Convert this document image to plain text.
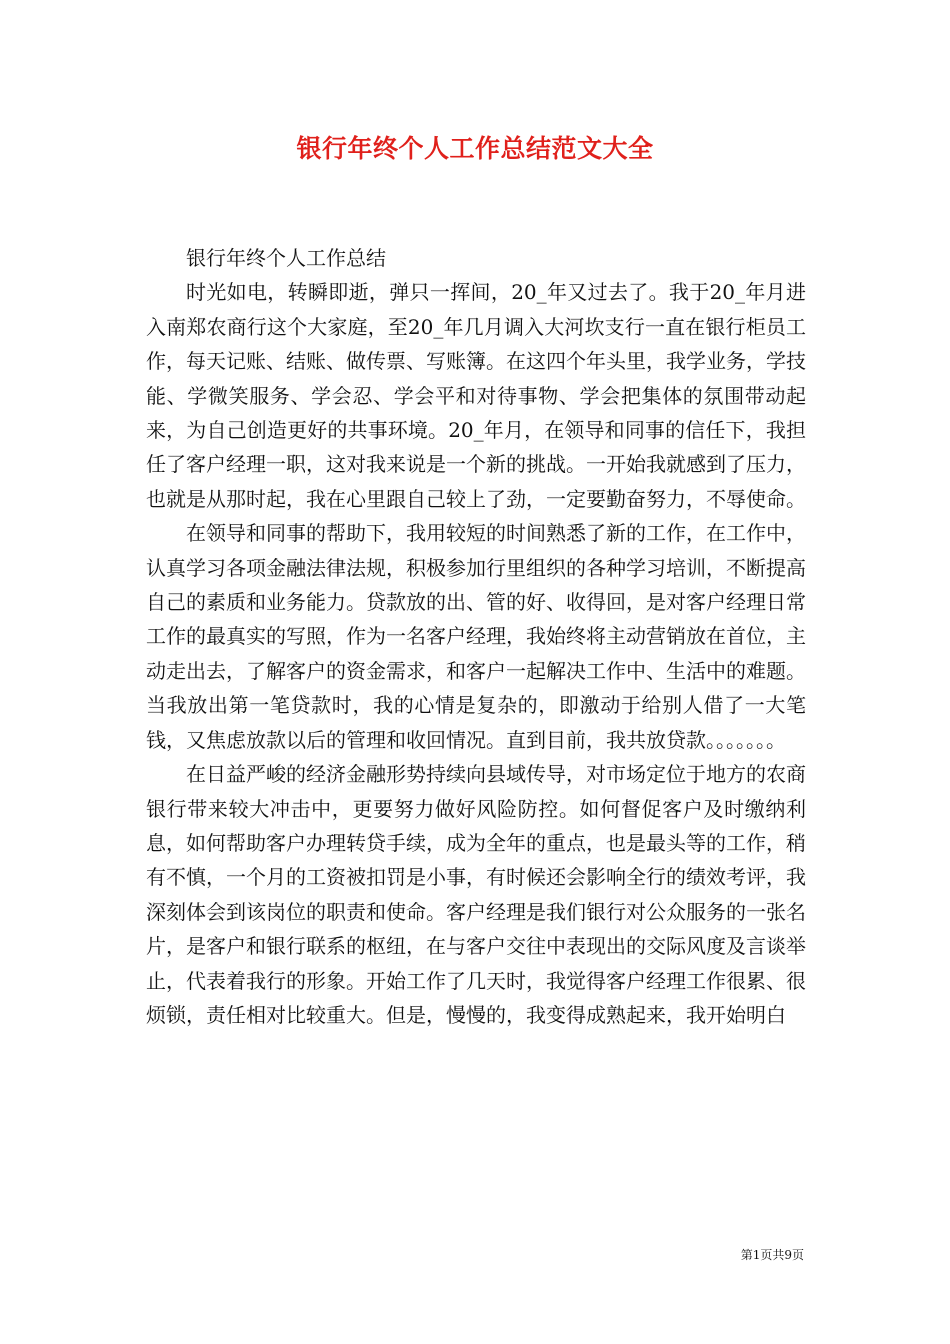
银行年终个人工作总结范文大全

银行年终个人工作总结

时光如电，转瞬即逝，弹只一挥间，20_年又过去了。我于20_年月进入南郑农商行这个大家庭，至20_年几月调入大河坎支行一直在银行柜员工作，每天记账、结账、做传票、写账簿。在这四个年头里，我学业务，学技能、学微笑服务、学会忍、学会平和对待事物、学会把集体的氛围带动起来，为自己创造更好的共事环境。20_年月，在领导和同事的信任下，我担任了客户经理一职，这对我来说是一个新的挑战。一开始我就感到了压力，也就是从那时起，我在心里跟自己较上了劲，一定要勤奋努力，不辱使命。

在领导和同事的帮助下，我用较短的时间熟悉了新的工作，在工作中，认真学习各项金融法律法规，积极参加行里组织的各种学习培训，不断提高自己的素质和业务能力。贷款放的出、管的好、收得回，是对客户经理日常工作的最真实的写照，作为一名客户经理，我始终将主动营销放在首位，主动走出去，了解客户的资金需求，和客户一起解决工作中、生活中的难题。当我放出第一笔贷款时，我的心情是复杂的，即激动于给别人借了一大笔钱，又焦虑放款以后的管理和收回情况。直到目前，我共放贷款。。。。。。。

在日益严峻的经济金融形势持续向县域传导，对市场定位于地方的农商银行带来较大冲击中，更要努力做好风险防控。如何督促客户及时缴纳利息，如何帮助客户办理转贷手续，成为全年的重点，也是最头等的工作，稍有不慎，一个月的工资被扣罚是小事，有时候还会影响全行的绩效考评，我深刻体会到该岗位的职责和使命。客户经理是我们银行对公众服务的一张名片，是客户和银行联系的枢纽，在与客户交往中表现出的交际风度及言谈举止，代表着我行的形象。开始工作了几天时，我觉得客户经理工作很累、很烦锁，责任相对比较重大。但是，慢慢的，我变得成熟起来，我开始明白

第1页共9页
